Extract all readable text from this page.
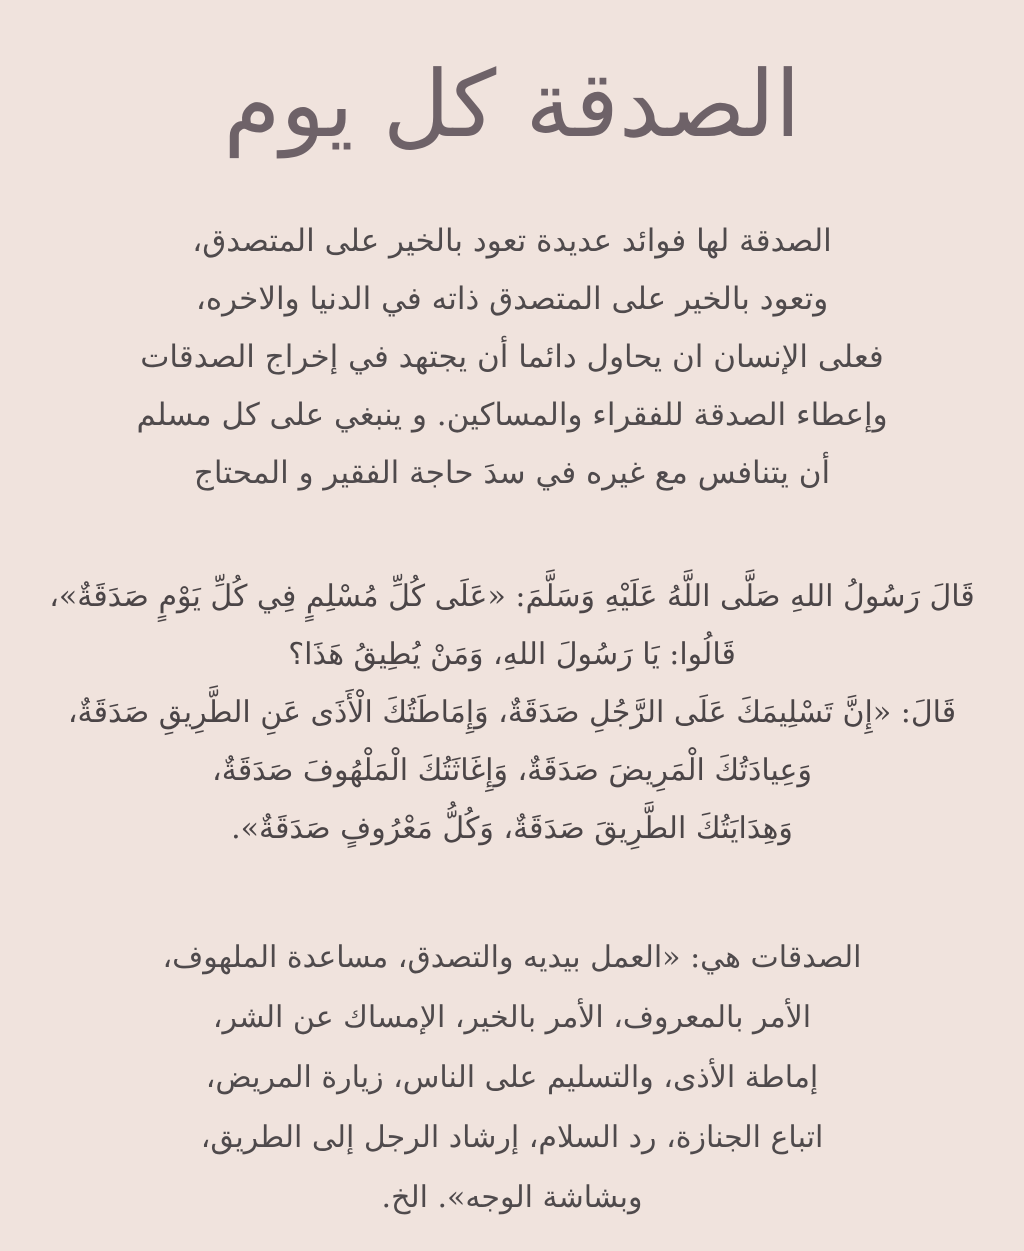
الصدقة كل يوم
الصدقة لها فوائد عديدة تعود بالخير على المتصدق،
وتعود بالخير على المتصدق ذاته في الدنيا والاخره،
فعلى الإنسان ان يحاول دائما أن يجتهد في إخراج الصدقات
وإعطاء الصدقة للفقراء والمساكين. و ينبغي على كل مسلم
أن يتنافس مع غيره في سدَ حاجة الفقير و المحتاج
قَالَ رَسُولُ اللهِ صَلَّى اللَّهُ عَلَيْهِ وَسَلَّمَ: «عَلَى كُلِّ مُسْلِمٍ فِي كُلِّ يَوْمٍ صَدَقَةٌ»،
قَالُوا: يَا رَسُولَ اللهِ، وَمَنْ يُطِيقُ هَذَا؟
قَالَ: «إِنَّ تَسْلِيمَكَ عَلَى الرَّجُلِ صَدَقَةٌ، وَإِمَاطَتُكَ الْأَذَى عَنِ الطَّرِيقِ صَدَقَةٌ،
وَعِيادَتُكَ الْمَرِيضَ صَدَقَةٌ، وَإِغَاثَتُكَ الْمَلْهُوفَ صَدَقَةٌ،
وَهِدَايَتُكَ الطَّرِيقَ صَدَقَةٌ، وَكُلُّ مَعْرُوفٍ صَدَقَةٌ».
الصدقات هي: «العمل بيديه والتصدق، مساعدة الملهوف،
الأمر بالمعروف، الأمر بالخير، الإمساك عن الشر،
إماطة الأذى، والتسليم على الناس، زيارة المريض،
اتباع الجنازة، رد السلام، إرشاد الرجل إلى الطريق،
وبشاشة الوجه». الخ.
